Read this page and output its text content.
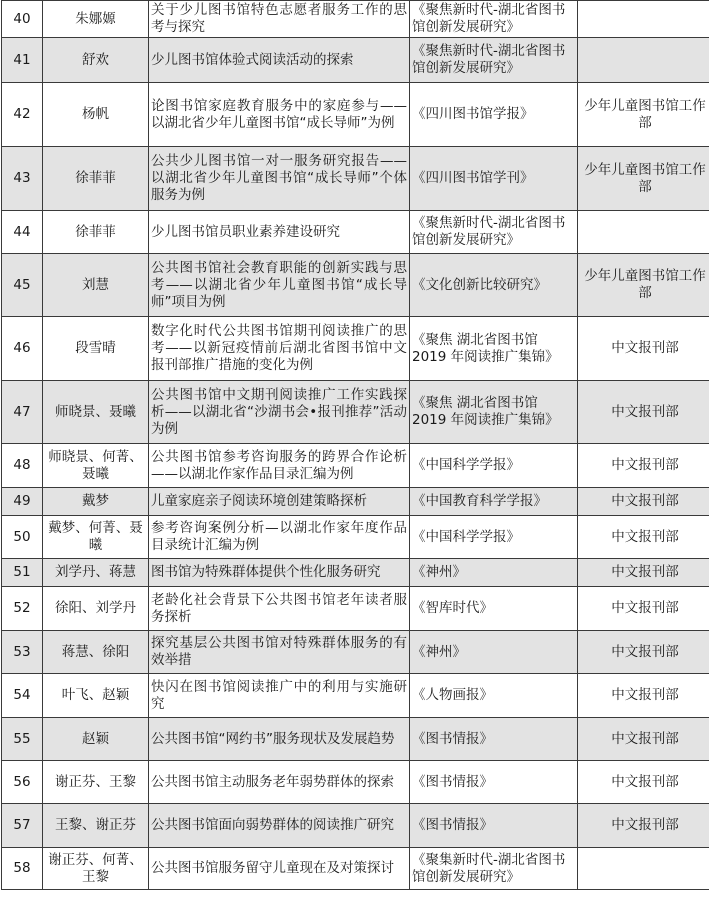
40	朱娜嫄	关于少儿图书馆特色志愿者服务工作的思考与探究	《聚焦新时代-湖北省图书馆创新发展研究》	
41	舒欢	少儿图书馆体验式阅读活动的探索	《聚焦新时代-湖北省图书馆创新发展研究》	
42	杨帆	论图书馆家庭教育服务中的家庭参与——以湖北省少年儿童图书馆“成长导师”为例	《四川图书馆学报》	少年儿童图书馆工作部
43	徐菲菲	公共少儿图书馆一对一服务研究报告——以湖北省少年儿童图书馆“成长导师”个体服务为例	《四川图书馆学刊》	少年儿童图书馆工作部
44	徐菲菲	少儿图书馆员职业素养建设研究	《聚焦新时代-湖北省图书馆创新发展研究》	
45	刘慧	公共图书馆社会教育职能的创新实践与思考——以湖北省少年儿童图书馆“成长导师”项目为例	《文化创新比较研究》	少年儿童图书馆工作部
46	段雪晴	数字化时代公共图书馆期刊阅读推广的思考——以新冠疫情前后湖北省图书馆中文报刊部推广措施的变化为例	《聚焦 湖北省图书馆 2019 年阅读推广集锦》	中文报刊部
47	师晓景、聂曦	公共图书馆中文期刊阅读推广工作实践探析——以湖北省“沙湖书会•报刊推荐”活动为例	《聚焦 湖北省图书馆 2019 年阅读推广集锦》	中文报刊部
48	师晓景、何菁、聂曦	公共图书馆参考咨询服务的跨界合作论析——以湖北作家作品目录汇编为例	《中国科学学报》	中文报刊部
49	戴梦	儿童家庭亲子阅读环境创建策略探析	《中国教育科学学报》	中文报刊部
50	戴梦、何菁、聂曦	参考咨询案例分析—以湖北作家年度作品目录统计汇编为例	《中国科学学报》	中文报刊部
51	刘学丹、蒋慧	图书馆为特殊群体提供个性化服务研究	《神州》	中文报刊部
52	徐阳、刘学丹	老龄化社会背景下公共图书馆老年读者服务探析	《智库时代》	中文报刊部
53	蒋慧、徐阳	探究基层公共图书馆对特殊群体服务的有效举措	《神州》	中文报刊部
54	叶飞、赵颖	快闪在图书馆阅读推广中的利用与实施研究	《人物画报》	中文报刊部
55	赵颖	公共图书馆“网约书”服务现状及发展趋势	《图书情报》	中文报刊部
56	谢正芬、王黎	公共图书馆主动服务老年弱势群体的探索	《图书情报》	中文报刊部
57	王黎、谢正芬	公共图书馆面向弱势群体的阅读推广研究	《图书情报》	中文报刊部
58	谢正芬、何菁、王黎	公共图书馆服务留守儿童现在及对策探讨	《聚集新时代-湖北省图书馆创新发展研究》	
